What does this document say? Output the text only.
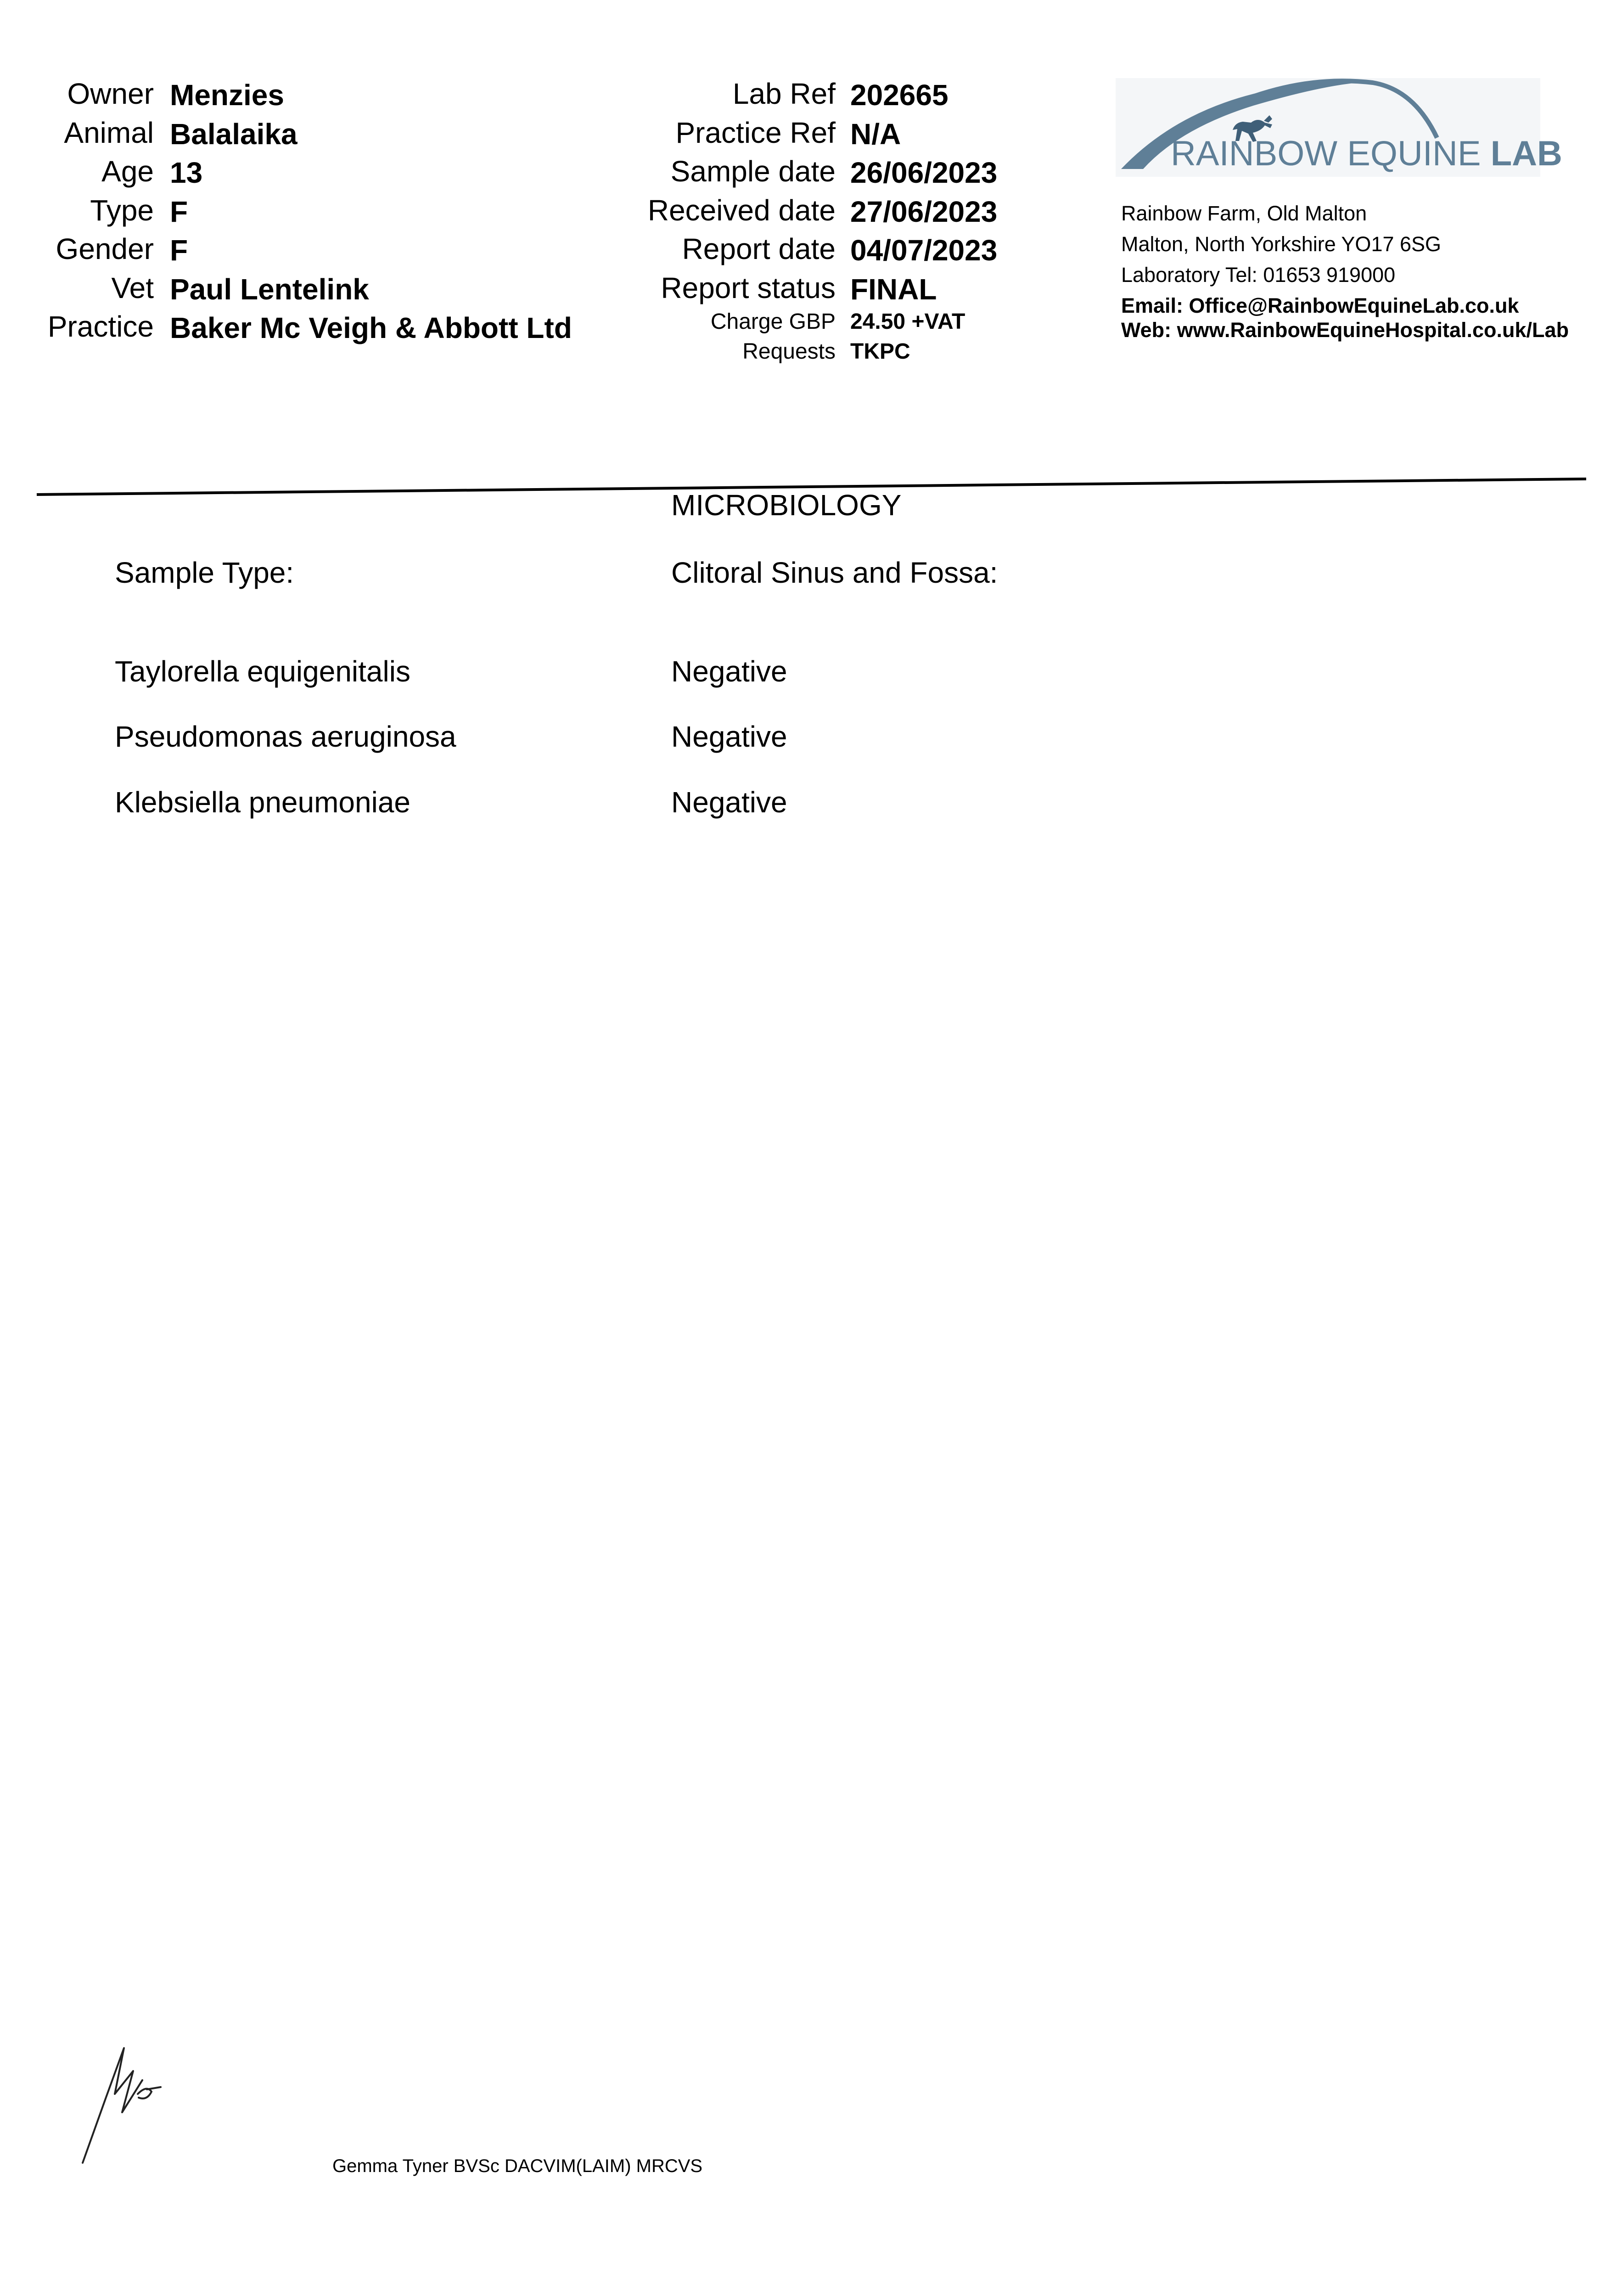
Owner Menzies
Animal Balalaika
Age 13
Type F
Gender F
Vet Paul Lentelink
Practice Baker Mc Veigh & Abbott Ltd
Lab Ref 202665
Practice Ref N/A
Sample date 26/06/2023
Received date 27/06/2023
Report date 04/07/2023
Report status FINAL
Charge GBP 24.50 +VAT
Requests TKPC
RAINBOW EQUINE LAB
Rainbow Farm, Old Malton
Malton, North Yorkshire YO17 6SG
Laboratory Tel: 01653 919000
Email: Office@RainbowEquineLab.co.uk
Web: www.RainbowEquineHospital.co.uk/Lab
MICROBIOLOGY
Sample Type:	Clitoral Sinus and Fossa:
Taylorella equigenitalis	Negative
Pseudomonas aeruginosa	Negative
Klebsiella pneumoniae	Negative
Gemma Tyner BVSc DACVIM(LAIM) MRCVS
